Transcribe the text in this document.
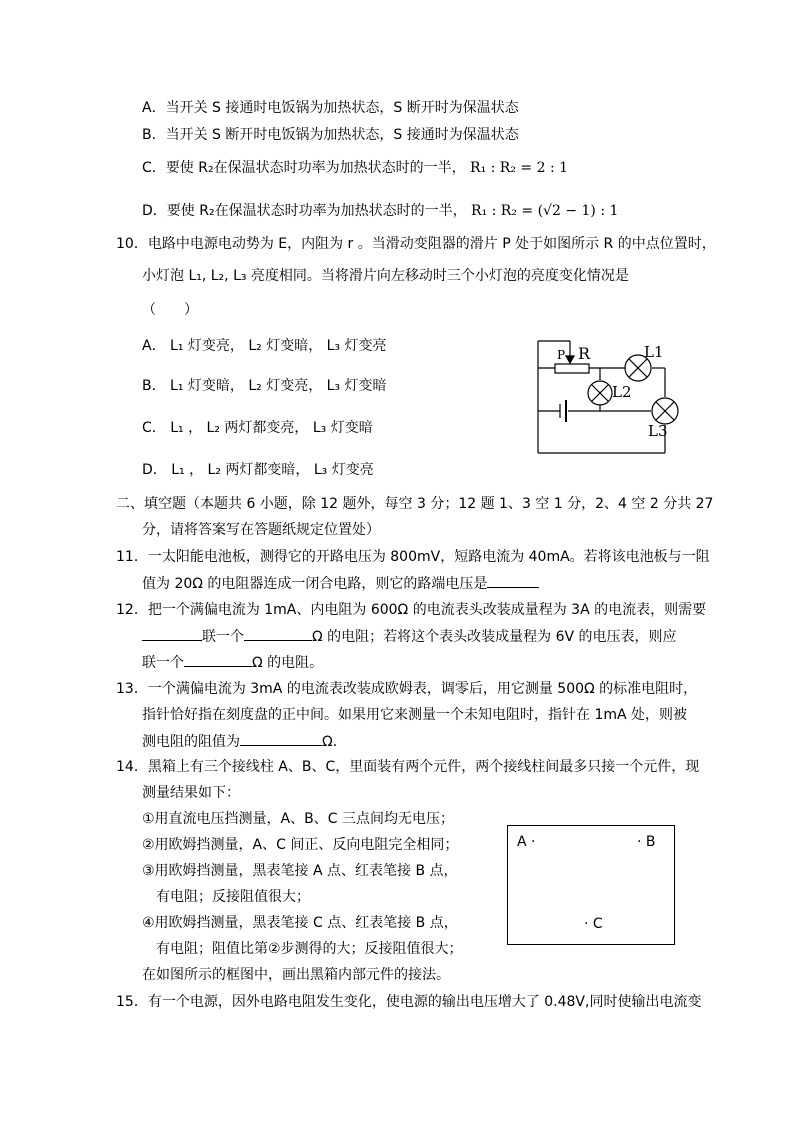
A．当开关 S 接通时电饭锅为加热状态，S 断开时为保温状态
B．当开关 S 断开时电饭锅为加热状态，S 接通时为保温状态
C．要使 R₂在保温状态时功率为加热状态时的一半， R₁ : R₂ = 2 : 1
D．要使 R₂在保温状态时功率为加热状态时的一半， R₁ : R₂ = (√2 − 1) : 1
10．电路中电源电动势为 E，内阻为 r 。当滑动变阻器的滑片 P 处于如图所示 R 的中点位置时，
小灯泡 L₁, L₂, L₃ 亮度相同。当将滑片向左移动时三个小灯泡的亮度变化情况是
（　　）
A． L₁ 灯变亮， L₂ 灯变暗， L₃ 灯变亮
B． L₁ 灯变暗， L₂ 灯变亮， L₃ 灯变暗
C． L₁ ， L₂ 两灯都变亮， L₃ 灯变暗
D． L₁ ， L₂ 两灯都变暗， L₃ 灯变亮
P R	L1
L2
L3
二、填空题（本题共 6 小题，除 12 题外，每空 3 分；12 题 1、3 空 1 分，2、4 空 2 分共 27
分，请将答案写在答题纸规定位置处）
11．一太阳能电池板，测得它的开路电压为 800mV，短路电流为 40mA。若将该电池板与一阻
值为 20Ω 的电阻器连成一闭合电路，则它的路端电压是
12．把一个满偏电流为 1mA、内电阻为 600Ω 的电流表头改装成量程为 3A 的电流表，则需要
联一个	Ω 的电阻；若将这个表头改装成量程为 6V 的电压表，则应
联一个	Ω 的电阻。
13．一个满偏电流为 3mA 的电流表改装成欧姆表，调零后，用它测量 500Ω 的标准电阻时，
指针恰好指在刻度盘的正中间。如果用它来测量一个未知电阻时，指针在 1mA 处，则被
测电阻的阻值为	Ω.
14．黑箱上有三个接线柱 A、B、C，里面装有两个元件，两个接线柱间最多只接一个元件，现
测量结果如下：
①用直流电压挡测量，A、B、C 三点间均无电压；
②用欧姆挡测量，A、C 间正、反向电阻完全相同；
③用欧姆挡测量，黑表笔接 A 点、红表笔接 B 点，
有电阻；反接阻值很大；
④用欧姆挡测量，黑表笔接 C 点、红表笔接 B 点，
有电阻；阻值比第②步测得的大；反接阻值很大；
在如图所示的框图中，画出黑箱内部元件的接法。
A ·	· B
· C
15．有一个电源，因外电路电阻发生变化，使电源的输出电压增大了 0.48V,同时使输出电流变
